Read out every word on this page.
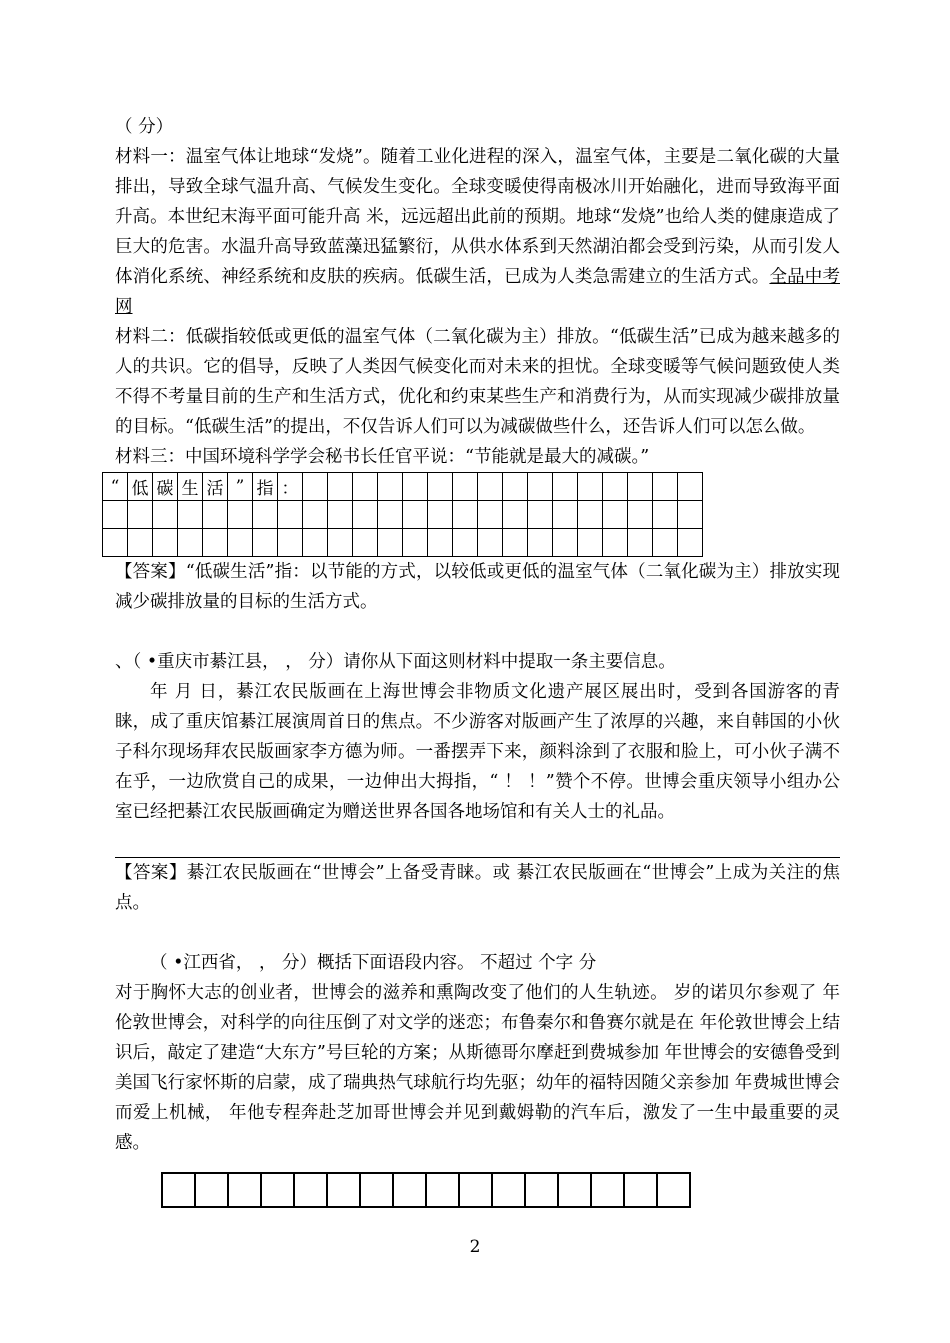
（ 分）

材料一：温室气体让地球“发烧”。随着工业化进程的深入，温室气体，主要是二氧化碳的大量排出，导致全球气温升高、气候发生变化。全球变暖使得南极冰川开始融化，进而导致海平面升高。本世纪末海平面可能升高 米，远远超出此前的预期。地球“发烧”也给人类的健康造成了巨大的危害。水温升高导致蓝藻迅猛繁衍，从供水体系到天然湖泊都会受到污染，从而引发人体消化系统、神经系统和皮肤的疾病。低碳生活，已成为人类急需建立的生活方式。全品中考网

材料二：低碳指较低或更低的温室气体（二氧化碳为主）排放。“低碳生活”已成为越来越多的人的共识。它的倡导，反映了人类因气候变化而对未来的担忧。全球变暖等气候问题致使人类不得不考量目前的生产和生活方式，优化和约束某些生产和消费行为，从而实现减少碳排放量的目标。“低碳生活”的提出，不仅告诉人们可以为减碳做些什么，还告诉人们可以怎么做。

材料三：中国环境科学学会秘书长任官平说：“节能就是最大的减碳。”

“	低	碳	生	活	”	指	：																

【答案】“低碳生活”指：以节能的方式，以较低或更低的温室气体（二氧化碳为主）排放实现减少碳排放量的目标的生活方式。

、（ •重庆市綦江县， ， 分）请你从下面这则材料中提取一条主要信息。

年 月 日，綦江农民版画在上海世博会非物质文化遗产展区展出时，受到各国游客的青睐，成了重庆馆綦江展演周首日的焦点。不少游客对版画产生了浓厚的兴趣，来自韩国的小伙子科尔现场拜农民版画家李方德为师。一番摆弄下来，颜料涂到了衣服和脸上，可小伙子满不在乎，一边欣赏自己的成果，一边伸出大拇指，“ ！ ！”赞个不停。世博会重庆领导小组办公室已经把綦江农民版画确定为赠送世界各国各地场馆和有关人士的礼品。

【答案】綦江农民版画在“世博会”上备受青睐。或 綦江农民版画在“世博会”上成为关注的焦点。

（ •江西省， ， 分）概括下面语段内容。 不超过 个字 分

对于胸怀大志的创业者，世博会的滋养和熏陶改变了他们的人生轨迹。 岁的诺贝尔参观了 年伦敦世博会，对科学的向往压倒了对文学的迷恋；布鲁秦尔和鲁赛尔就是在 年伦敦世博会上结识后，敲定了建造“大东方”号巨轮的方案；从斯德哥尔摩赶到费城参加 年世博会的安德鲁受到美国飞行家怀斯的启蒙，成了瑞典热气球航行均先驱；幼年的福特因随父亲参加 年费城世博会而爱上机械， 年他专程奔赴芝加哥世博会并见到戴姆勒的汽车后，激发了一生中最重要的灵感。

2
